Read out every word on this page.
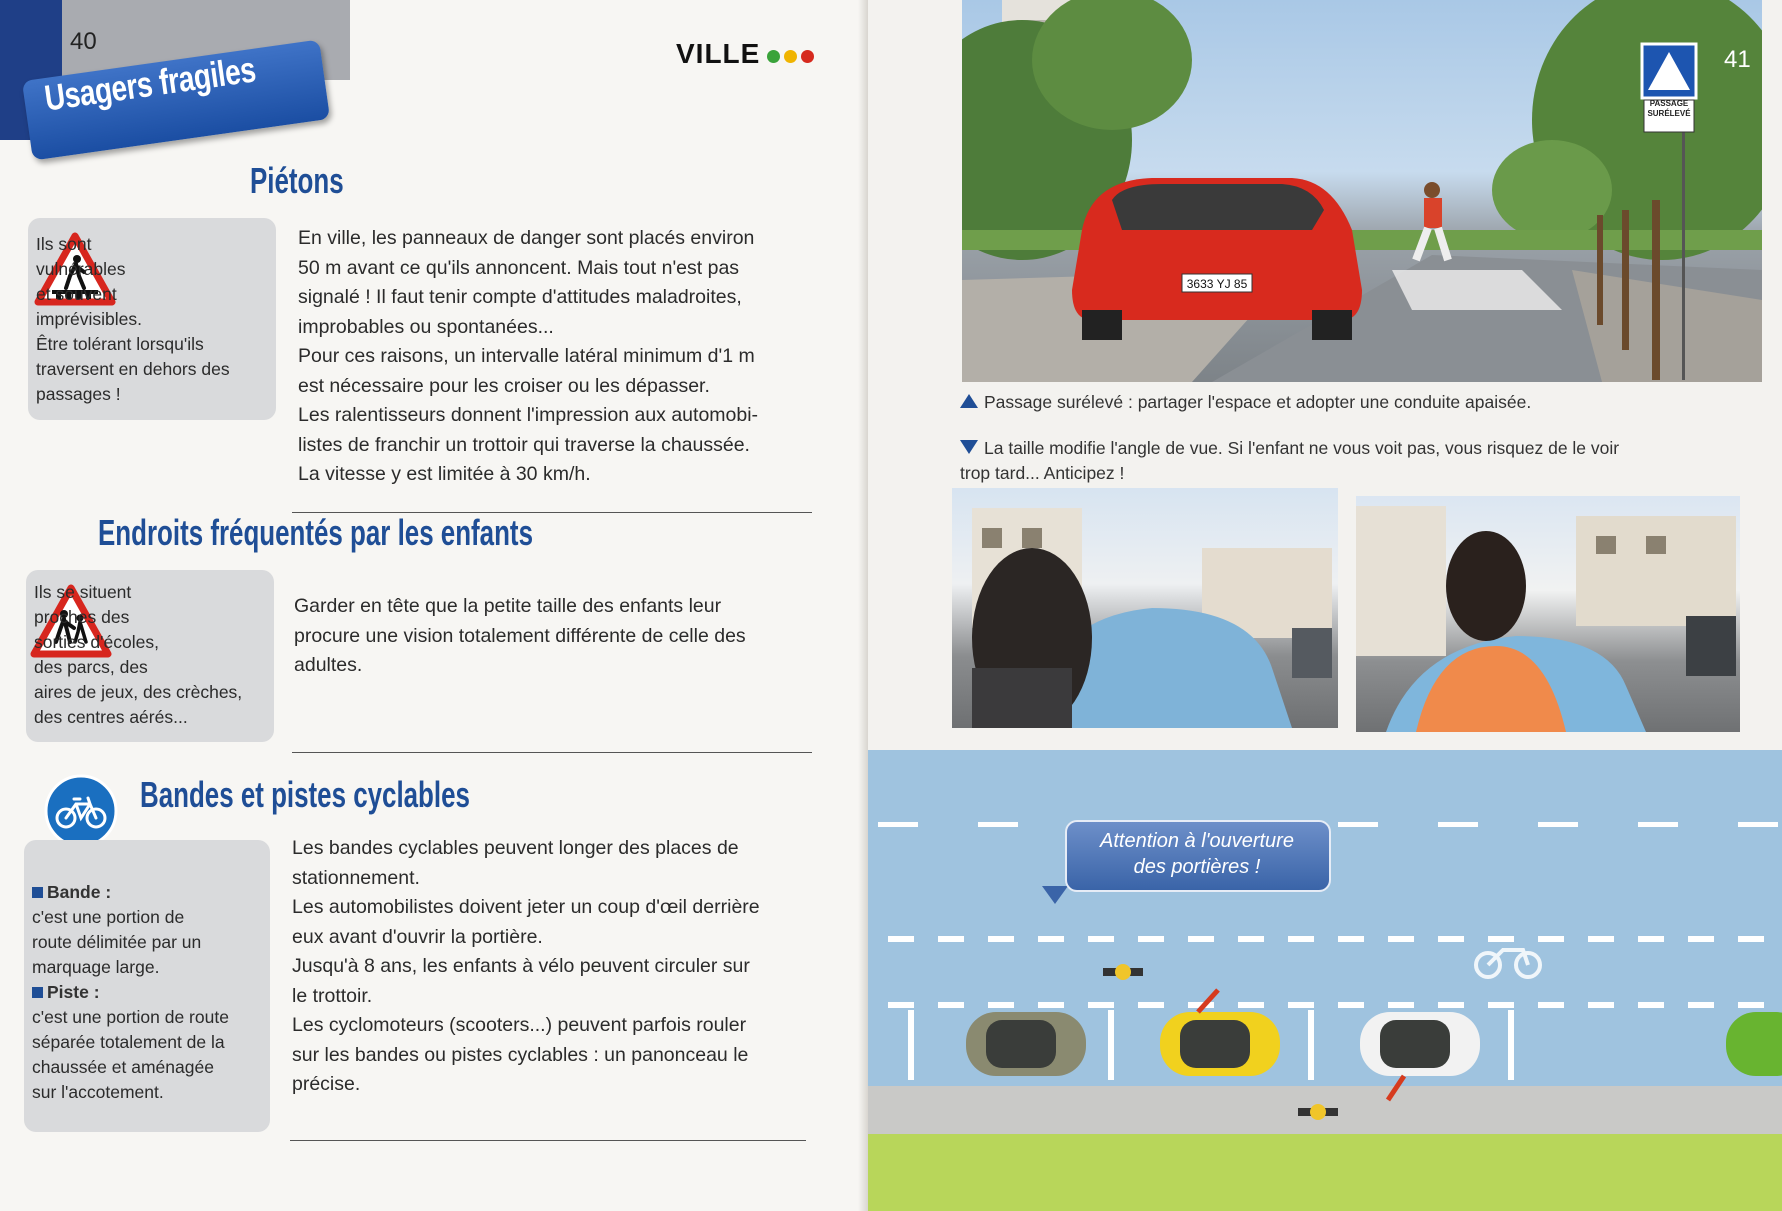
40
Usagers fragiles	VILLE
Piétons
Ils sont
vulnérables
et souvent
imprévisibles.
Être tolérant lorsqu'ils
traversent en dehors des
passages !
En ville, les panneaux de danger sont placés environ
50 m avant ce qu'ils annoncent. Mais tout n'est pas
signalé ! Il faut tenir compte d'attitudes maladroites,
improbables ou spontanées...
Pour ces raisons, un intervalle latéral minimum d'1 m
est nécessaire pour les croiser ou les dépasser.
Les ralentisseurs donnent l'impression aux automobi-
listes de franchir un trottoir qui traverse la chaussée.
La vitesse y est limitée à 30 km/h.
Endroits fréquentés par les enfants
Ils se situent
proches des
sorties d'écoles,
des parcs, des
aires de jeux, des crèches,
des centres aérés...
Garder en tête que la petite taille des enfants leur
procure une vision totalement différente de celle des
adultes.
Bandes et pistes cyclables
Bande :
c'est une portion de
route délimitée par un
marquage large.
Piste :
c'est une portion de route
séparée totalement de la
chaussée et aménagée
sur l'accotement.
Les bandes cyclables peuvent longer des places de
stationnement.
Les automobilistes doivent jeter un coup d'œil derrière
eux avant d'ouvrir la portière.
Jusqu'à 8 ans, les enfants à vélo peuvent circuler sur
le trottoir.
Les cyclomoteurs (scooters...) peuvent parfois rouler
sur les bandes ou pistes cyclables : un panonceau le
précise.
3633 YJ 85
41
PASSAGE
SURÉLEVÉ
Passage surélevé : partager l'espace et adopter une conduite apaisée.
La taille modifie l'angle de vue. Si l'enfant ne vous voit pas, vous risquez de le voir
trop tard... Anticipez !
Attention à l'ouverture
des portières !
